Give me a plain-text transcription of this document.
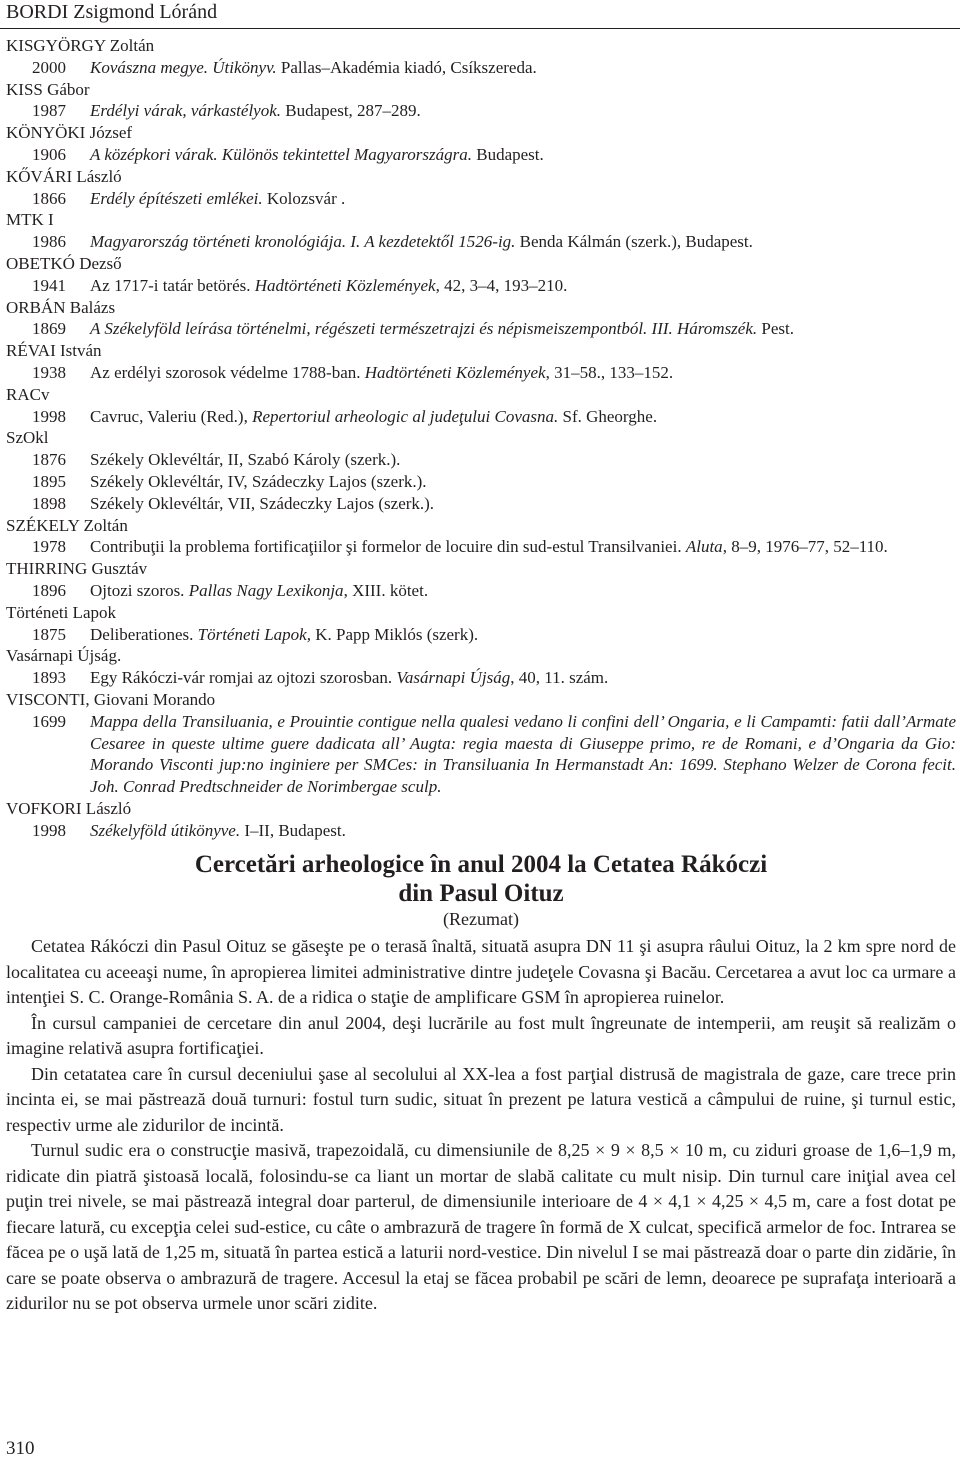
BORDI Zsigmond Lóránd
KISGYÖRGY Zoltán
2000	Kovászna megye. Útikönyv. Pallas–Akadémia kiadó, Csíkszereda.
KISS Gábor
1987	Erdélyi várak, várkastélyok. Budapest, 287–289.
KÖNYÖKI József
1906	A középkori várak. Különös tekintettel Magyarországra. Budapest.
KŐVÁRI László
1866	Erdély építészeti emlékei. Kolozsvár .
MTK I
1986	Magyarország történeti kronológiája. I. A kezdetektől 1526-ig. Benda Kálmán (szerk.), Budapest.
OBETKÓ Dezső
1941	Az 1717-i tatár betörés. Hadtörténeti Közlemények, 42, 3–4, 193–210.
ORBÁN Balázs
1869	A Székelyföld leírása történelmi, régészeti természetrajzi és népismeiszempontból. III. Háromszék. Pest.
RÉVAI István
1938	Az erdélyi szorosok védelme 1788-ban. Hadtörténeti Közlemények, 31–58., 133–152.
RACv
1998	Cavruc, Valeriu (Red.), Repertoriul arheologic al judeţului Covasna. Sf. Gheorghe.
SzOkl
1876	Székely Oklevéltár, II, Szabó Károly (szerk.).
1895	Székely Oklevéltár, IV, Szádeczky Lajos (szerk.).
1898	Székely Oklevéltár, VII, Szádeczky Lajos (szerk.).
SZÉKELY Zoltán
1978	Contribuţii la problema fortificaţiilor şi formelor de locuire din sud-estul Transilvaniei. Aluta, 8–9, 1976–77, 52–110.
THIRRING Gusztáv
1896	Ojtozi szoros. Pallas Nagy Lexikonja, XIII. kötet.
Történeti Lapok
1875	Deliberationes. Történeti Lapok, K. Papp Miklós (szerk).
Vasárnapi Újság.
1893	Egy Rákóczi-vár romjai az ojtozi szorosban. Vasárnapi Újság, 40, 11. szám.
VISCONTI, Giovani Morando
1699	Mappa della Transiluania, e Prouintie contigue nella qualesi vedano li confini dell’ Ongaria, e li Campamti: fatii dall’Armate Cesaree in queste ultime guere dadicata all’ Augta: regia maesta di Giuseppe primo, re de Romani, e d’Ongaria da Gio: Morando Visconti jup:no inginiere per SMCes: in Transiluania In Hermanstadt An: 1699. Stephano Welzer de Corona fecit. Joh. Conrad Predtschneider de Norimbergae sculp.
VOFKORI László
1998	Székelyföld útikönyve. I–II, Budapest.

Cercetări arheologice în anul 2004 la Cetatea Rákóczi

din Pasul Oituz

(Rezumat)

Cetatea Rákóczi din Pasul Oituz se găseşte pe o terasă înaltă, situată asupra DN 11 şi asupra râului Oituz, la 2 km spre nord de localitatea cu aceeaşi nume, în apropierea limitei administrative dintre judeţele Covasna şi Bacău. Cercetarea a avut loc ca urmare a intenţiei S. C. Orange-România S. A. de a ridica o staţie de amplificare GSM în apropierea ruinelor.

În cursul campaniei de cercetare din anul 2004, deşi lucrările au fost mult îngreunate de intemperii, am reuşit să realizăm o imagine relativă asupra fortificaţiei.

Din cetatatea care în cursul deceniului şase al secolului al XX-lea a fost parţial distrusă de magistrala de gaze, care trece prin incinta ei, se mai păstrează două turnuri: fostul turn sudic, situat în prezent pe latura vestică a câmpului de ruine, şi turnul estic, respectiv urme ale zidurilor de incintă.

Turnul sudic era o construcţie masivă, trapezoidală, cu dimensiunile de 8,25 × 9 × 8,5 × 10 m, cu ziduri groase de 1,6–1,9 m, ridicate din piatră şistoasă locală, folosindu-se ca liant un mortar de slabă calitate cu mult nisip. Din turnul care iniţial avea cel puţin trei nivele, se mai păstrează integral doar parterul, de dimensiunile interioare de 4 × 4,1 × 4,25 × 4,5 m, care a fost dotat pe fiecare latură, cu excepţia celei sud-estice, cu câte o ambrazură de tragere în formă de X culcat, specifică armelor de foc. Intrarea se făcea pe o uşă lată de 1,25 m, situată în partea estică a laturii nord-vestice. Din nivelul I se mai păstrează doar o parte din zidărie, în care se poate observa o ambrazură de tragere. Accesul la etaj se făcea probabil pe scări de lemn, deoarece pe suprafaţa interioară a zidurilor nu se pot observa urmele unor scări zidite.

310
